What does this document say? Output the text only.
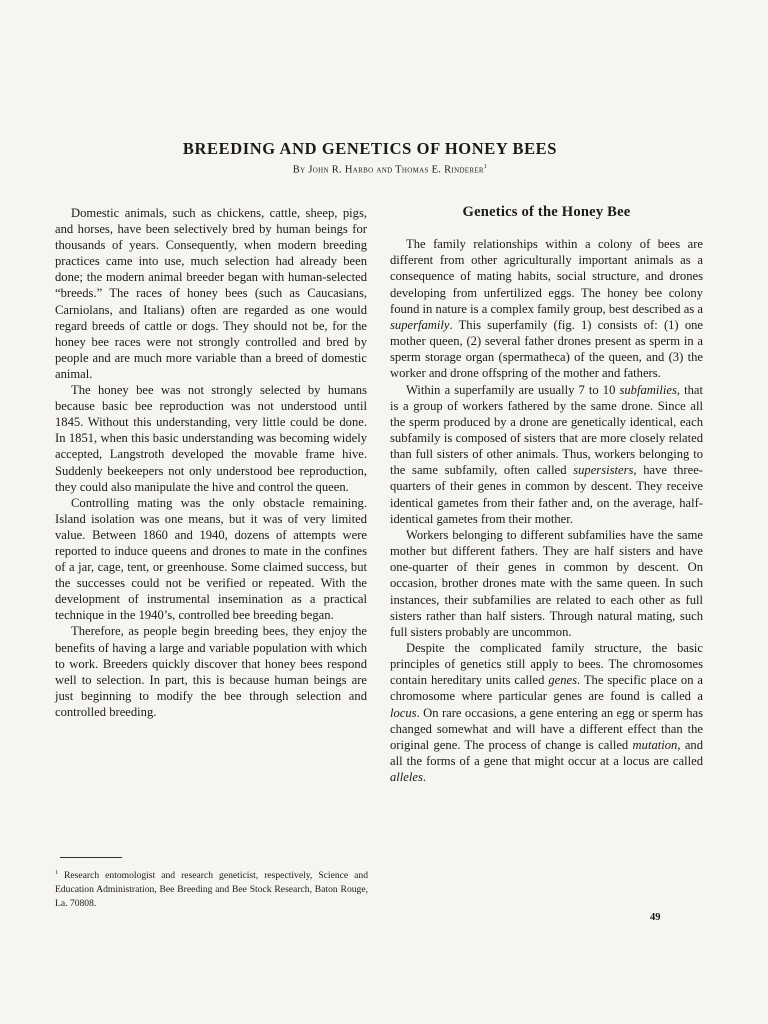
BREEDING AND GENETICS OF HONEY BEES
By John R. Harbo and Thomas E. Rinderer$^1$

Domestic animals, such as chickens, cattle, sheep, pigs, and horses, have been selectively bred by human beings for thousands of years. Consequently, when modern breeding practices came into use, much selection had already been done; the modern animal breeder began with human-selected “breeds.” The races of honey bees (such as Caucasians, Carniolans, and Italians) often are regarded as one would regard breeds of cattle or dogs. They should not be, for the honey bee races were not strongly controlled and bred by people and are much more variable than a breed of domestic animal.

The honey bee was not strongly selected by humans because basic bee reproduction was not understood until 1845. Without this understanding, very little could be done. In 1851, when this basic understanding was becoming widely accepted, Langstroth developed the movable frame hive. Suddenly beekeepers not only understood bee reproduction, they could also manipulate the hive and control the queen.

Controlling mating was the only obstacle remaining. Island isolation was one means, but it was of very limited value. Between 1860 and 1940, dozens of attempts were reported to induce queens and drones to mate in the confines of a jar, cage, tent, or greenhouse. Some claimed success, but the successes could not be verified or repeated. With the development of instrumental insemination as a practical technique in the 1940’s, controlled bee breeding began.

Therefore, as people begin breeding bees, they enjoy the benefits of having a large and variable population with which to work. Breeders quickly discover that honey bees respond well to selection. In part, this is because human beings are just beginning to modify the bee through selection and controlled breeding.

$^1$ Research entomologist and research geneticist, respectively, Science and Education Administration, Bee Breeding and Bee Stock Research, Baton Rouge, La. 70808.
Genetics of the Honey Bee

The family relationships within a colony of bees are different from other agriculturally important animals as a consequence of mating habits, social structure, and drones developing from unfertilized eggs. The honey bee colony found in nature is a complex family group, best described as a superfamily. This superfamily (fig. 1) consists of: (1) one mother queen, (2) several father drones present as sperm in a sperm storage organ (spermatheca) of the queen, and (3) the worker and drone offspring of the mother and fathers.

Within a superfamily are usually 7 to 10 subfamilies, that is a group of workers fathered by the same drone. Since all the sperm produced by a drone are genetically identical, each subfamily is composed of sisters that are more closely related than full sisters of other animals. Thus, workers belonging to the same subfamily, often called supersisters, have three-quarters of their genes in common by descent. They receive identical gametes from their father and, on the average, half-identical gametes from their mother.

Workers belonging to different subfamilies have the same mother but different fathers. They are half sisters and have one-quarter of their genes in common by descent. On occasion, brother drones mate with the same queen. In such instances, their subfamilies are related to each other as full sisters rather than half sisters. Through natural mating, such full sisters probably are uncommon.

Despite the complicated family structure, the basic principles of genetics still apply to bees. The chromosomes contain hereditary units called genes. The specific place on a chromosome where particular genes are found is called a locus. On rare occasions, a gene entering an egg or sperm has changed somewhat and will have a different effect than the original gene. The process of change is called mutation, and all the forms of a gene that might occur at a locus are called alleles.

49
